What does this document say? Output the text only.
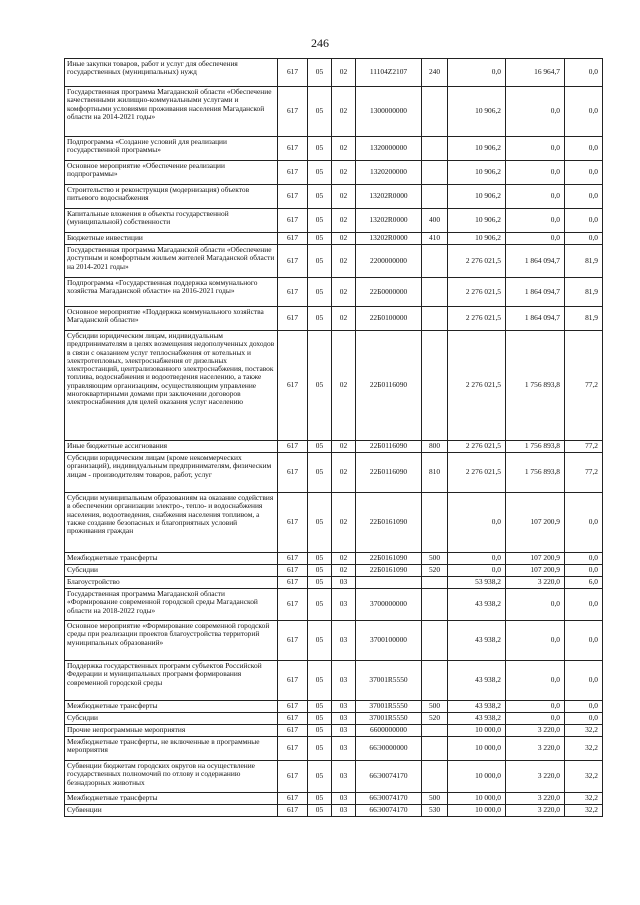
246
Иные закупки товаров, работ и услуг для обеспечения государственных (муниципальных) нужд	617	05	02	11104Z2107	240	0,0	16 964,7	0,0
Государственная программа Магаданской области «Обеспечение качественными жилищно-коммунальными услугами и комфортными условиями проживания населения Магаданской области на 2014-2021 годы»	617	05	02	1300000000		10 906,2	0,0	0,0
Подпрограмма «Создание условий для реализации государственной программы»	617	05	02	1320000000		10 906,2	0,0	0,0
Основное мероприятие «Обеспечение реализации подпрограммы»	617	05	02	1320200000		10 906,2	0,0	0,0
Строительство и реконструкция (модернизация) объектов питьевого водоснабжения	617	05	02	13202R0000		10 906,2	0,0	0,0
Капитальные вложения в объекты государственной (муниципальной) собственности	617	05	02	13202R0000	400	10 906,2	0,0	0,0
Бюджетные инвестиции	617	05	02	13202R0000	410	10 906,2	0,0	0,0
Государственная программа Магаданской области «Обеспечение доступным и комфортным жильем жителей Магаданской области на 2014-2021 годы»	617	05	02	2200000000		2 276 021,5	1 864 094,7	81,9
Подпрограмма «Государственная поддержка коммунального хозяйства Магаданской области» на 2016-2021 годы»	617	05	02	22Б0000000		2 276 021,5	1 864 094,7	81,9
Основное мероприятие «Поддержка коммунального хозяйства Магаданской области»	617	05	02	22Б0100000		2 276 021,5	1 864 094,7	81,9
Субсидии юридическим лицам, индивидуальным предпринимателям в целях возмещения недополученных доходов в связи с оказанием услуг теплоснабжения от котельных и электротепловых, электроснабжения от дизельных электростанций, централизованного электроснабжения, поставок топлива, водоснабжения и водоотведения населению, а также управляющим организациям, осуществляющим управление многоквартирными домами при заключении договоров электроснабжения для целей оказания услуг населению	617	05	02	22Б0116090		2 276 021,5	1 756 893,8	77,2
Иные бюджетные ассигнования	617	05	02	22Б0116090	800	2 276 021,5	1 756 893,8	77,2
Субсидии юридическим лицам (кроме некоммерческих организаций), индивидуальным предпринимателям, физическим лицам - производителям товаров, работ, услуг	617	05	02	22Б0116090	810	2 276 021,5	1 756 893,8	77,2
Субсидии муниципальным образованиям на оказание содействия в обеспечении организации электро-, тепло- и водоснабжения населения, водоотведения, снабжения населения топливом, а также создание безопасных и благоприятных условий проживания граждан	617	05	02	22Б0161090		0,0	107 200,9	0,0
Межбюджетные трансферты	617	05	02	22Б0161090	500	0,0	107 200,9	0,0
Субсидии	617	05	02	22Б0161090	520	0,0	107 200,9	0,0
Благоустройство	617	05	03			53 938,2	3 220,0	6,0
Государственная программа Магаданской области «Формирование современной городской среды Магаданской области на 2018-2022 годы»	617	05	03	3700000000		43 938,2	0,0	0,0
Основное мероприятие «Формирование современной городской среды при реализации проектов благоустройства территорий муниципальных образований»	617	05	03	3700100000		43 938,2	0,0	0,0
Поддержка государственных программ субъектов Российской Федерации и муниципальных программ формирования современной городской среды	617	05	03	37001R5550		43 938,2	0,0	0,0
Межбюджетные трансферты	617	05	03	37001R5550	500	43 938,2	0,0	0,0
Субсидии	617	05	03	37001R5550	520	43 938,2	0,0	0,0
Прочие непрограммные мероприятия	617	05	03	6600000000		10 000,0	3 220,0	32,2
Межбюджетные трансферты, не включенные в программные мероприятия	617	05	03	66Э0000000		10 000,0	3 220,0	32,2
Субвенции бюджетам городских округов на осуществление государственных полномочий по отлову и содержанию безнадзорных животных	617	05	03	66Э0074170		10 000,0	3 220,0	32,2
Межбюджетные трансферты	617	05	03	66Э0074170	500	10 000,0	3 220,0	32,2
Субвенции	617	05	03	66Э0074170	530	10 000,0	3 220,0	32,2
